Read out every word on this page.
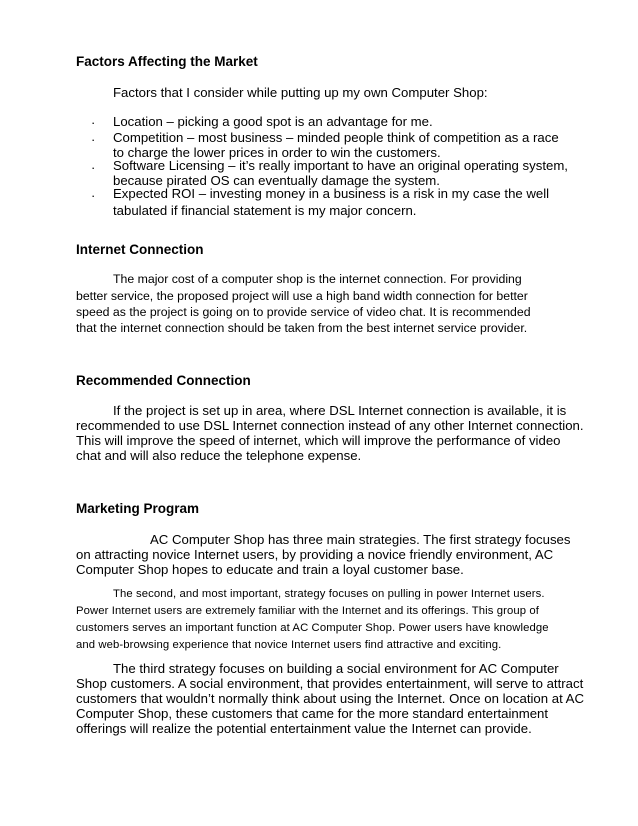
Factors Affecting the Market
Factors that I consider while putting up my own Computer Shop:
· Location – picking a good spot is an advantage for me.
· Competition – most business – minded people think of competition as a race
to charge the lower prices in order to win the customers.
· Software Licensing – it’s really important to have an original operating system,
because pirated OS can eventually damage the system.
· Expected ROI – investing money in a business is a risk in my case the well
tabulated if financial statement is my major concern.
Internet Connection
The major cost of a computer shop is the internet connection. For providing
better service, the proposed project will use a high band width connection for better
speed as the project is going on to provide service of video chat. It is recommended
that the internet connection should be taken from the best internet service provider.
Recommended Connection
If the project is set up in area, where DSL Internet connection is available, it is
recommended to use DSL Internet connection instead of any other Internet connection.
This will improve the speed of internet, which will improve the performance of video
chat and will also reduce the telephone expense.
Marketing Program
AC Computer Shop has three main strategies. The first strategy focuses
on attracting novice Internet users, by providing a novice friendly environment, AC
Computer Shop hopes to educate and train a loyal customer base.
The second, and most important, strategy focuses on pulling in power Internet users.
Power Internet users are extremely familiar with the Internet and its offerings. This group of
customers serves an important function at AC Computer Shop. Power users have knowledge
and web-browsing experience that novice Internet users find attractive and exciting.
The third strategy focuses on building a social environment for AC Computer
Shop customers. A social environment, that provides entertainment, will serve to attract
customers that wouldn’t normally think about using the Internet. Once on location at AC
Computer Shop, these customers that came for the more standard entertainment
offerings will realize the potential entertainment value the Internet can provide.
